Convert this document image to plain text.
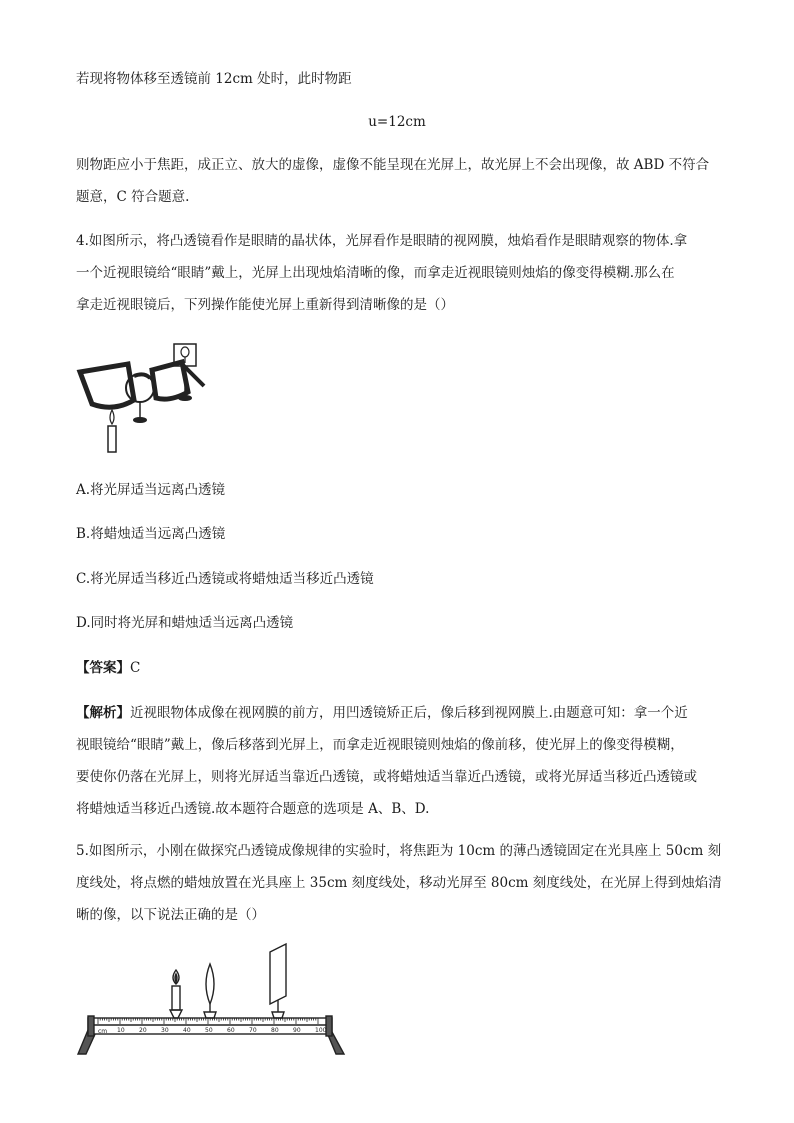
若现将物体移至透镜前 12cm 处时，此时物距

u=12cm

则物距应小于焦距，成正立、放大的虚像，虚像不能呈现在光屏上，故光屏上不会出现像，故 ABD 不符合

题意，C 符合题意.

4.如图所示，将凸透镜看作是眼睛的晶状体，光屏看作是眼睛的视网膜，烛焰看作是眼睛观察的物体.拿

一个近视眼镜给“眼睛”戴上，光屏上出现烛焰清晰的像，而拿走近视眼镜则烛焰的像变得模糊.那么在

拿走近视眼镜后，下列操作能使光屏上重新得到清晰像的是（）

A.将光屏适当远离凸透镜
B.将蜡烛适当远离凸透镜
C.将光屏适当移近凸透镜或将蜡烛适当移近凸透镜
D.同时将光屏和蜡烛适当远离凸透镜
【答案】C

【解析】近视眼物体成像在视网膜的前方，用凹透镜矫正后，像后移到视网膜上.由题意可知：拿一个近

视眼镜给“眼睛”戴上，像后移落到光屏上，而拿走近视眼镜则烛焰的像前移，使光屏上的像变得模糊，

要使你仍落在光屏上，则将光屏适当靠近凸透镜，或将蜡烛适当靠近凸透镜，或将光屏适当移近凸透镜或

将蜡烛适当移近凸透镜.故本题符合题意的选项是 A、B、D.

5.如图所示，小刚在做探究凸透镜成像规律的实验时，将焦距为 10cm 的薄凸透镜固定在光具座上 50cm 刻

度线处，将点燃的蜡烛放置在光具座上 35cm 刻度线处，移动光屏至 80cm 刻度线处，在光屏上得到烛焰清

晰的像，以下说法正确的是（）

cm 10 20 30 40 50 60 70 80 90 100
